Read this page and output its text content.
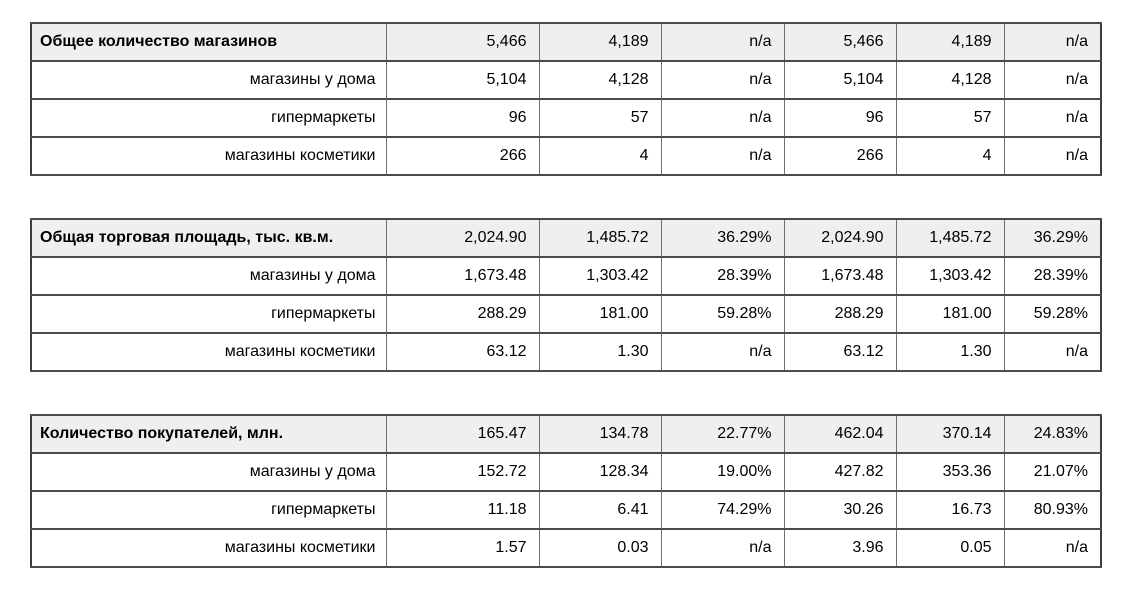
Общее количество магазинов	5,466	4,189	n/a	5,466	4,189	n/a
магазины у дома	5,104	4,128	n/a	5,104	4,128	n/a
гипермаркеты	96	57	n/a	96	57	n/a
магазины косметики	266	4	n/a	266	4	n/a
Общая торговая площадь, тыс. кв.м.	2,024.90	1,485.72	36.29%	2,024.90	1,485.72	36.29%
магазины у дома	1,673.48	1,303.42	28.39%	1,673.48	1,303.42	28.39%
гипермаркеты	288.29	181.00	59.28%	288.29	181.00	59.28%
магазины косметики	63.12	1.30	n/a	63.12	1.30	n/a
Количество покупателей, млн.	165.47	134.78	22.77%	462.04	370.14	24.83%
магазины у дома	152.72	128.34	19.00%	427.82	353.36	21.07%
гипермаркеты	11.18	6.41	74.29%	30.26	16.73	80.93%
магазины косметики	1.57	0.03	n/a	3.96	0.05	n/a
